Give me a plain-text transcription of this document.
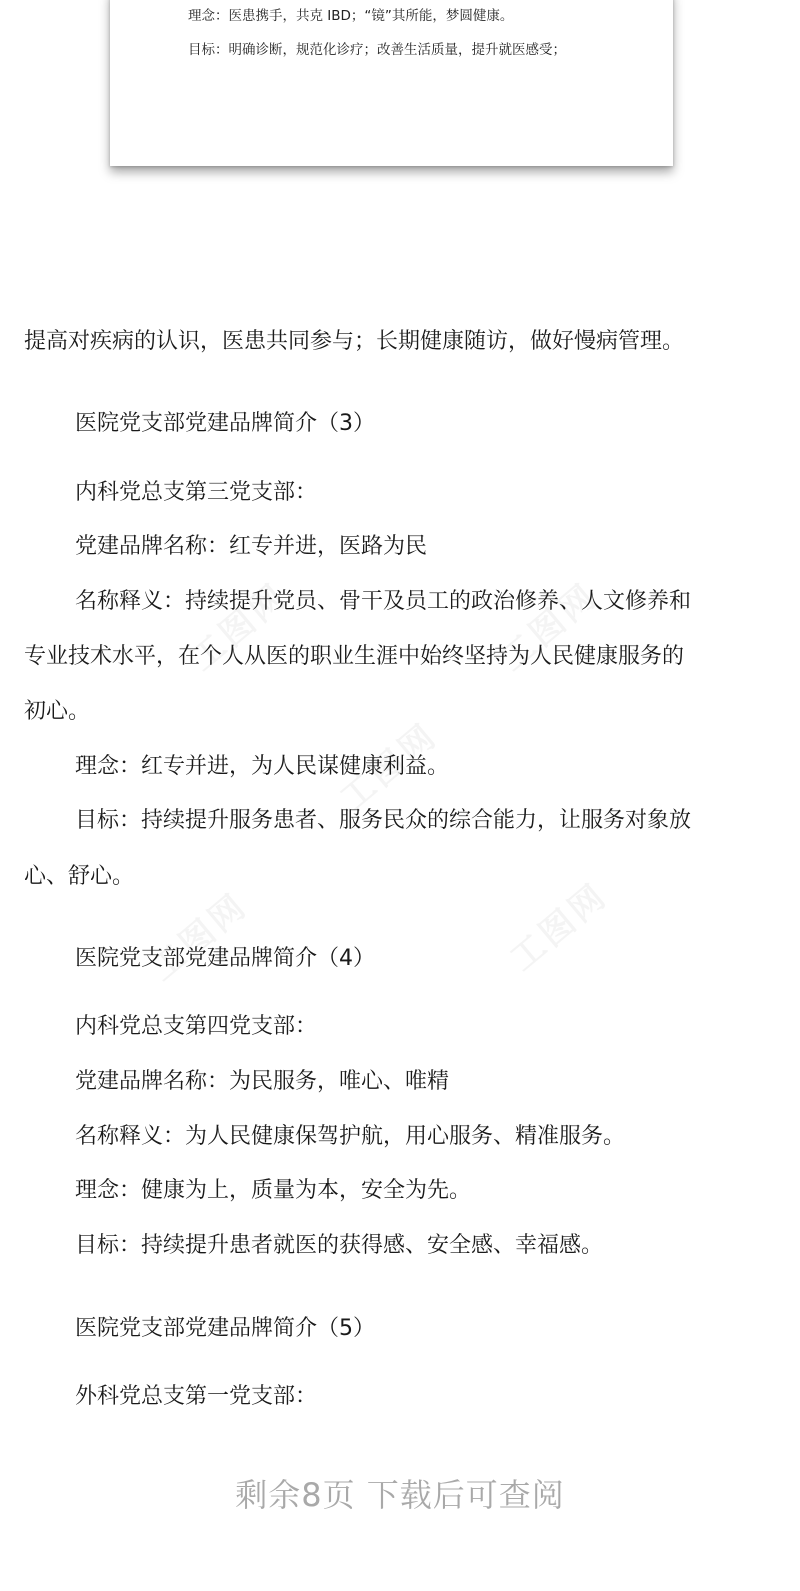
理念：医患携手，共克 IBD；“镜”其所能，梦圆健康。
目标：明确诊断，规范化诊疗；改善生活质量，提升就医感受；
提高对疾病的认识，医患共同参与；长期健康随访，做好慢病管理。
医院党支部党建品牌简介（3）
内科党总支第三党支部：
党建品牌名称：红专并进，医路为民
名称释义：持续提升党员、骨干及员工的政治修养、人文修养和
专业技术水平，在个人从医的职业生涯中始终坚持为人民健康服务的
初心。
理念：红专并进，为人民谋健康利益。
目标：持续提升服务患者、服务民众的综合能力，让服务对象放
心、舒心。
医院党支部党建品牌简介（4）
内科党总支第四党支部：
党建品牌名称：为民服务，唯心、唯精
名称释义：为人民健康保驾护航，用心服务、精准服务。
理念：健康为上，质量为本，安全为先。
目标：持续提升患者就医的获得感、安全感、幸福感。
医院党支部党建品牌简介（5）
外科党总支第一党支部：
剩余8页 下载后可查阅
